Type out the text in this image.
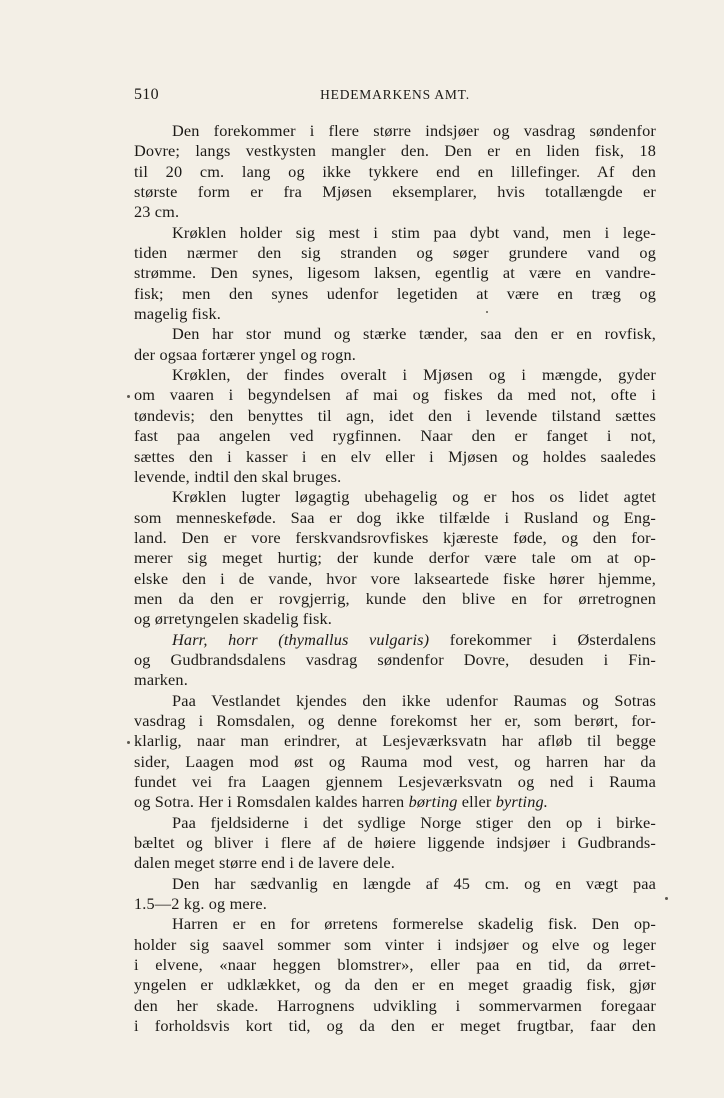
510	HEDEMARKENS AMT.
Den forekommer i flere større indsjøer og vasdrag søndenfor
Dovre; langs vestkysten mangler den. Den er en liden fisk, 18
til 20 cm. lang og ikke tykkere end en lillefinger. Af den
største form er fra Mjøsen eksemplarer, hvis totallængde er
23 cm.
Krøklen holder sig mest i stim paa dybt vand, men i lege-
tiden nærmer den sig stranden og søger grundere vand og
strømme. Den synes, ligesom laksen, egentlig at være en vandre-
fisk; men den synes udenfor legetiden at være en træg og
magelig fisk.
Den har stor mund og stærke tænder, saa den er en rovfisk,
der ogsaa fortærer yngel og rogn.
Krøklen, der findes overalt i Mjøsen og i mængde, gyder
om vaaren i begyndelsen af mai og fiskes da med not, ofte i
tøndevis; den benyttes til agn, idet den i levende tilstand sættes
fast paa angelen ved rygfinnen. Naar den er fanget i not,
sættes den i kasser i en elv eller i Mjøsen og holdes saaledes
levende, indtil den skal bruges.
Krøklen lugter løgagtig ubehagelig og er hos os lidet agtet
som menneskeføde. Saa er dog ikke tilfælde i Rusland og Eng-
land. Den er vore ferskvandsrovfiskes kjæreste føde, og den for-
merer sig meget hurtig; der kunde derfor være tale om at op-
elske den i de vande, hvor vore lakseartede fiske hører hjemme,
men da den er rovgjerrig, kunde den blive en for ørretrognen
og ørretyngelen skadelig fisk.
Harr, horr (thymallus vulgaris) forekommer i Østerdalens
og Gudbrandsdalens vasdrag søndenfor Dovre, desuden i Fin-
marken.
Paa Vestlandet kjendes den ikke udenfor Raumas og Sotras
vasdrag i Romsdalen, og denne forekomst her er, som berørt, for-
klarlig, naar man erindrer, at Lesjeværksvatn har afløb til begge
sider, Laagen mod øst og Rauma mod vest, og harren har da
fundet vei fra Laagen gjennem Lesjeværksvatn og ned i Rauma
og Sotra. Her i Romsdalen kaldes harren børting eller byrting.
Paa fjeldsiderne i det sydlige Norge stiger den op i birke-
bæltet og bliver i flere af de høiere liggende indsjøer i Gudbrands-
dalen meget større end i de lavere dele.
Den har sædvanlig en længde af 45 cm. og en vægt paa
1.5—2 kg. og mere.
Harren er en for ørretens formerelse skadelig fisk. Den op-
holder sig saavel sommer som vinter i indsjøer og elve og leger
i elvene, «naar heggen blomstrer», eller paa en tid, da ørret-
yngelen er udklækket, og da den er en meget graadig fisk, gjør
den her skade. Harrognens udvikling i sommervarmen foregaar
i forholdsvis kort tid, og da den er meget frugtbar, faar den
